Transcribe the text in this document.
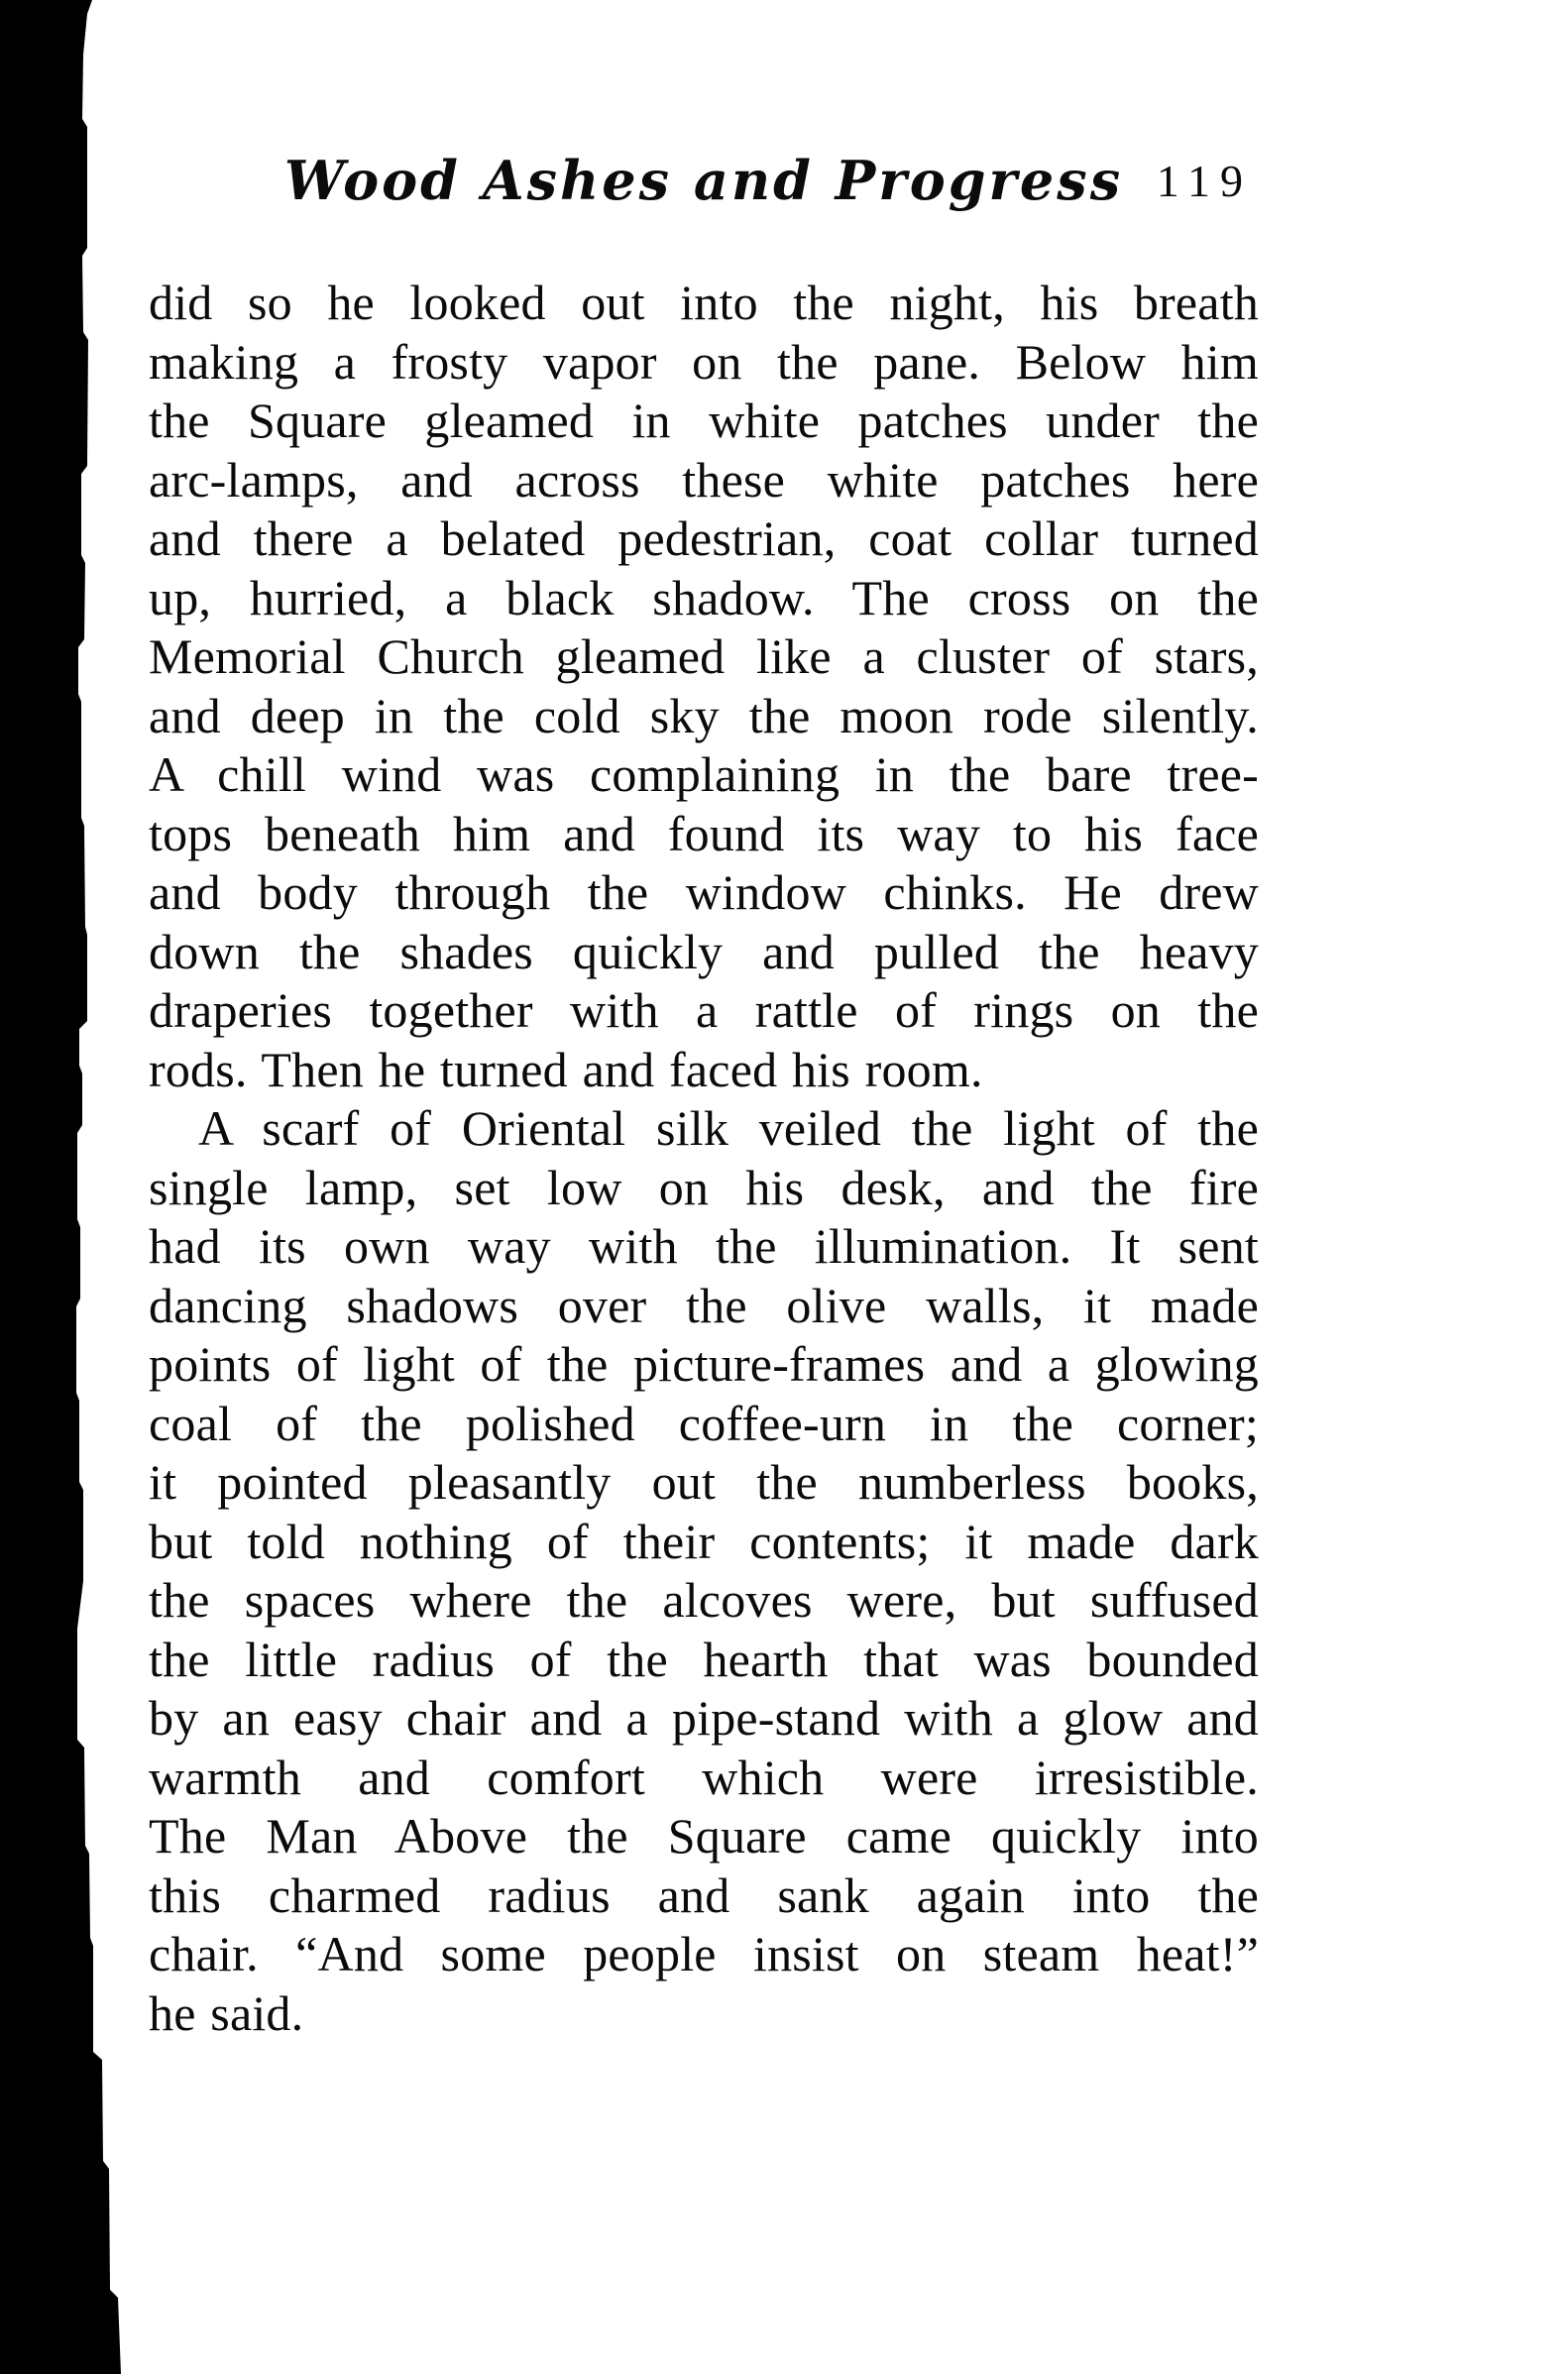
Wood Ashes and Progress 119
did so he looked out into the night, his breath
making a frosty vapor on the pane. Below him
the Square gleamed in white patches under the
arc-lamps, and across these white patches here
and there a belated pedestrian, coat collar turned
up, hurried, a black shadow. The cross on the
Memorial Church gleamed like a cluster of stars,
and deep in the cold sky the moon rode silently.
A chill wind was complaining in the bare tree-
tops beneath him and found its way to his face
and body through the window chinks. He drew
down the shades quickly and pulled the heavy
draperies together with a rattle of rings on the
rods. Then he turned and faced his room.
A scarf of Oriental silk veiled the light of the
single lamp, set low on his desk, and the fire
had its own way with the illumination. It sent
dancing shadows over the olive walls, it made
points of light of the picture-frames and a glowing
coal of the polished coffee-urn in the corner;
it pointed pleasantly out the numberless books,
but told nothing of their contents; it made dark
the spaces where the alcoves were, but suffused
the little radius of the hearth that was bounded
by an easy chair and a pipe-stand with a glow and
warmth and comfort which were irresistible.
The Man Above the Square came quickly into
this charmed radius and sank again into the
chair. “And some people insist on steam heat!”
he said.
